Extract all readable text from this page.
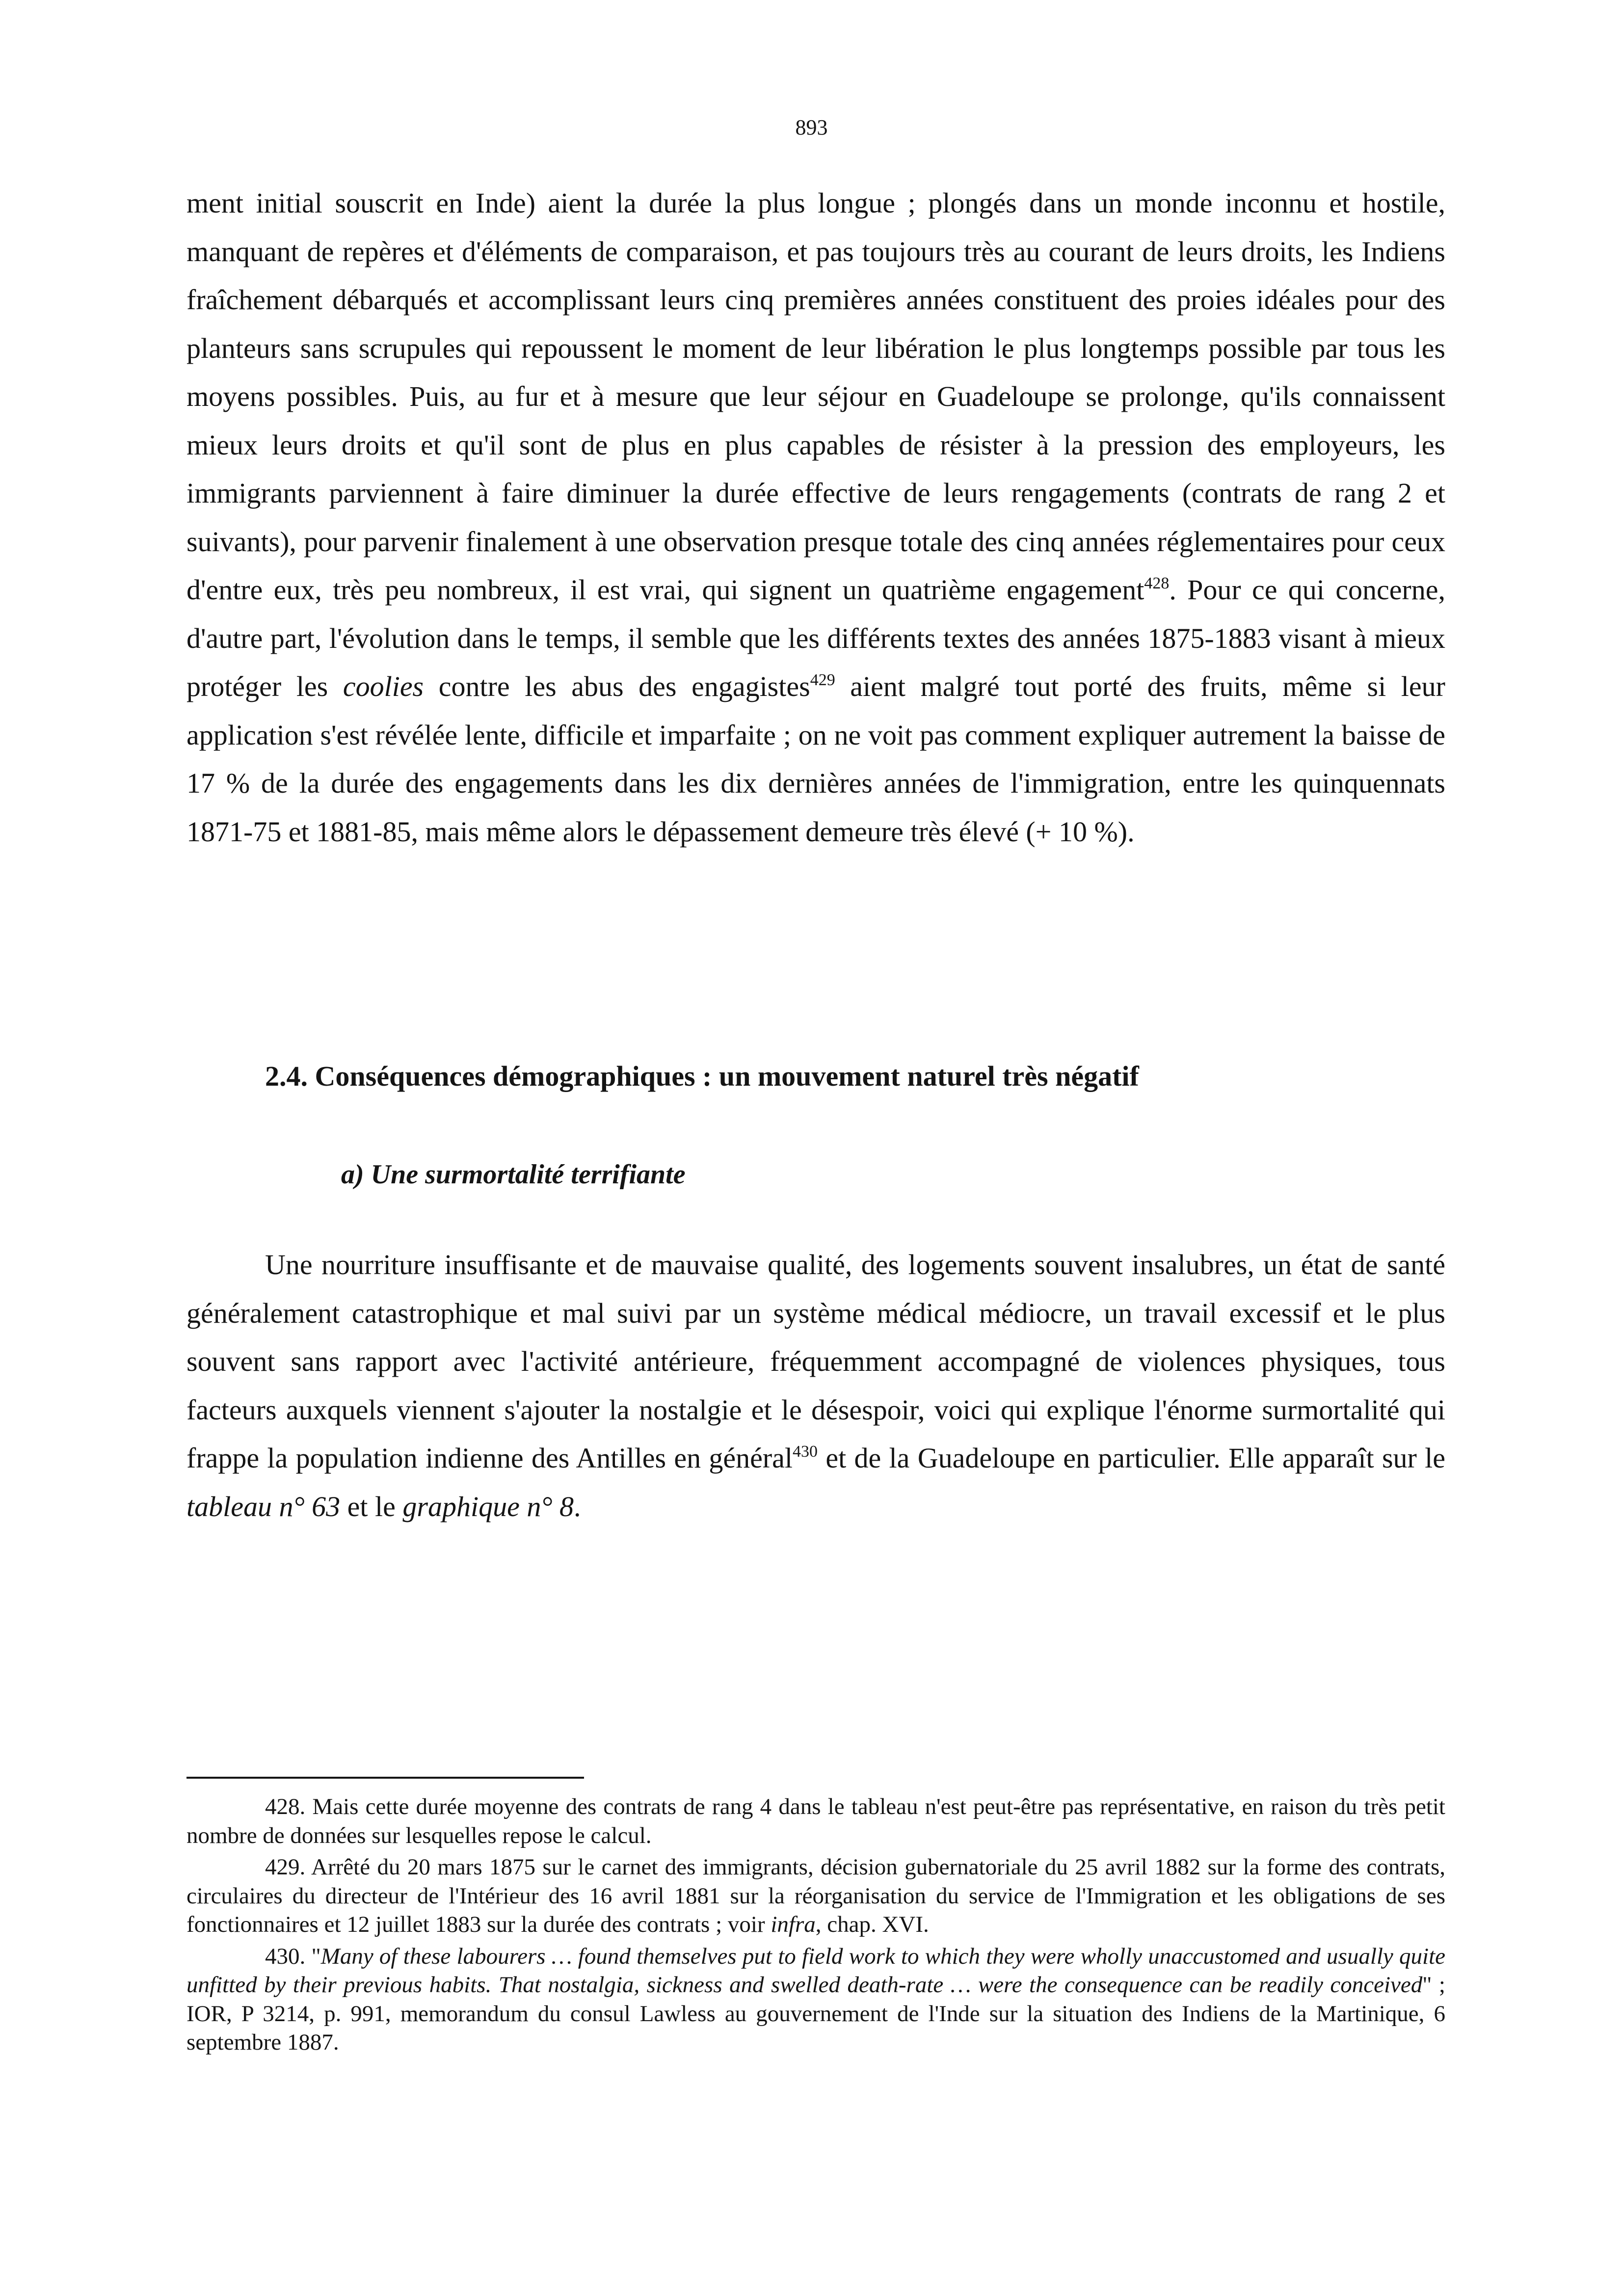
893

ment initial souscrit en Inde) aient la durée la plus longue ; plongés dans un monde inconnu et hostile, manquant de repères et d'éléments de comparaison, et pas toujours très au courant de leurs droits, les Indiens fraîchement débarqués et accomplissant leurs cinq premières années constituent des proies idéales pour des planteurs sans scrupules qui repoussent le moment de leur libération le plus longtemps possible par tous les moyens possibles. Puis, au fur et à mesure que leur séjour en Guadeloupe se prolonge, qu'ils connaissent mieux leurs droits et qu'il sont de plus en plus capables de résister à la pression des employeurs, les immigrants parviennent à faire diminuer la durée effective de leurs rengagements (contrats de rang 2 et suivants), pour parvenir finalement à une observation presque totale des cinq années réglementaires pour ceux d'entre eux, très peu nombreux, il est vrai, qui signent un quatrième engagement$^{428}$. Pour ce qui concerne, d'autre part, l'évolution dans le temps, il semble que les différents textes des années 1875-1883 visant à mieux protéger les coolies contre les abus des engagistes$^{429}$ aient malgré tout porté des fruits, même si leur application s'est révélée lente, difficile et imparfaite ; on ne voit pas comment expliquer autrement la baisse de 17 % de la durée des engagements dans les dix dernières années de l'immigration, entre les quinquennats 1871-75 et 1881-85, mais même alors le dépassement demeure très élevé (+ 10 %).

2.4. Conséquences démographiques : un mouvement naturel très négatif
a) Une surmortalité terrifiante

Une nourriture insuffisante et de mauvaise qualité, des logements souvent insalubres, un état de santé généralement catastrophique et mal suivi par un système médical médiocre, un travail excessif et le plus souvent sans rapport avec l'activité antérieure, fréquemment accompagné de violences physiques, tous facteurs auxquels viennent s'ajouter la nostalgie et le désespoir, voici qui explique l'énorme surmortalité qui frappe la population indienne des Antilles en général$^{430}$ et de la Guadeloupe en particulier. Elle apparaît sur le tableau n° 63 et le graphique n° 8.

428. Mais cette durée moyenne des contrats de rang 4 dans le tableau n'est peut-être pas représentative, en raison du très petit nombre de données sur lesquelles repose le calcul.

429. Arrêté du 20 mars 1875 sur le carnet des immigrants, décision gubernatoriale du 25 avril 1882 sur la forme des contrats, circulaires du directeur de l'Intérieur des 16 avril 1881 sur la réorganisation du service de l'Immigration et les obligations de ses fonctionnaires et 12 juillet 1883 sur la durée des contrats ; voir infra, chap. XVI.

430. "Many of these labourers … found themselves put to field work to which they were wholly unaccustomed and usually quite unfitted by their previous habits. That nostalgia, sickness and swelled death-rate … were the consequence can be readily conceived" ; IOR, P 3214, p. 991, memorandum du consul Lawless au gouvernement de l'Inde sur la situation des Indiens de la Martinique, 6 septembre 1887.
